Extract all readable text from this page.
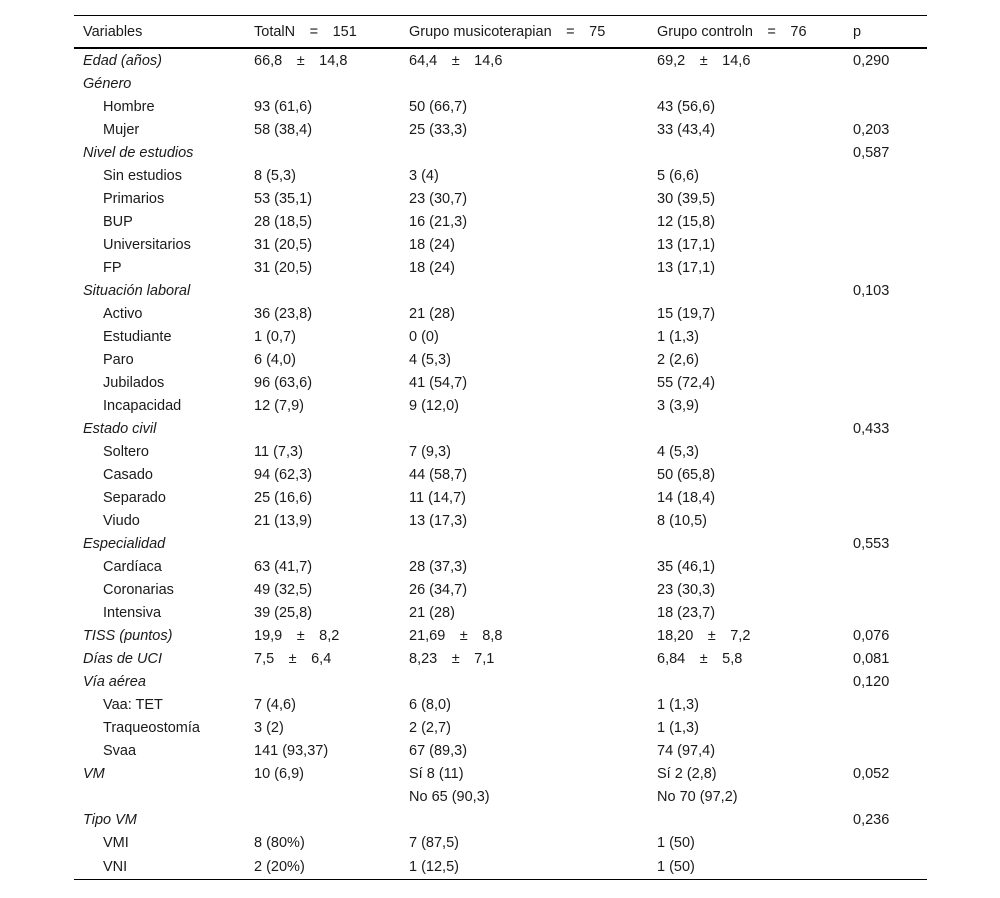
Variables	TotalN = 151	Grupo musicoterapian = 75	Grupo controln = 76	p
Edad (años)	66,8 ± 14,8	64,4 ± 14,6	69,2 ± 14,6	0,290
Género				
Hombre	93 (61,6)	50 (66,7)	43 (56,6)	
Mujer	58 (38,4)	25 (33,3)	33 (43,4)	0,203
Nivel de estudios				0,587
Sin estudios	8 (5,3)	3 (4)	5 (6,6)	
Primarios	53 (35,1)	23 (30,7)	30 (39,5)	
BUP	28 (18,5)	16 (21,3)	12 (15,8)	
Universitarios	31 (20,5)	18 (24)	13 (17,1)	
FP	31 (20,5)	18 (24)	13 (17,1)	
Situación laboral				0,103
Activo	36 (23,8)	21 (28)	15 (19,7)	
Estudiante	1 (0,7)	0 (0)	1 (1,3)	
Paro	6 (4,0)	4 (5,3)	2 (2,6)	
Jubilados	96 (63,6)	41 (54,7)	55 (72,4)	
Incapacidad	12 (7,9)	9 (12,0)	3 (3,9)	
Estado civil				0,433
Soltero	11 (7,3)	7 (9,3)	4 (5,3)	
Casado	94 (62,3)	44 (58,7)	50 (65,8)	
Separado	25 (16,6)	11 (14,7)	14 (18,4)	
Viudo	21 (13,9)	13 (17,3)	8 (10,5)	
Especialidad				0,553
Cardíaca	63 (41,7)	28 (37,3)	35 (46,1)	
Coronarias	49 (32,5)	26 (34,7)	23 (30,3)	
Intensiva	39 (25,8)	21 (28)	18 (23,7)	
TISS (puntos)	19,9 ± 8,2	21,69 ± 8,8	18,20 ± 7,2	0,076
Días de UCI	7,5 ± 6,4	8,23 ± 7,1	6,84 ± 5,8	0,081
Vía aérea				0,120
Vaa: TET	7 (4,6)	6 (8,0)	1 (1,3)	
Traqueostomía	3 (2)	2 (2,7)	1 (1,3)	
Svaa	141 (93,37)	67 (89,3)	74 (97,4)	
VM	10 (6,9)	Sí 8 (11)	Sí 2 (2,8)	0,052
		No 65 (90,3)	No 70 (97,2)	
Tipo VM				0,236
VMI	8 (80%)	7 (87,5)	1 (50)	
VNI	2 (20%)	1 (12,5)	1 (50)	
